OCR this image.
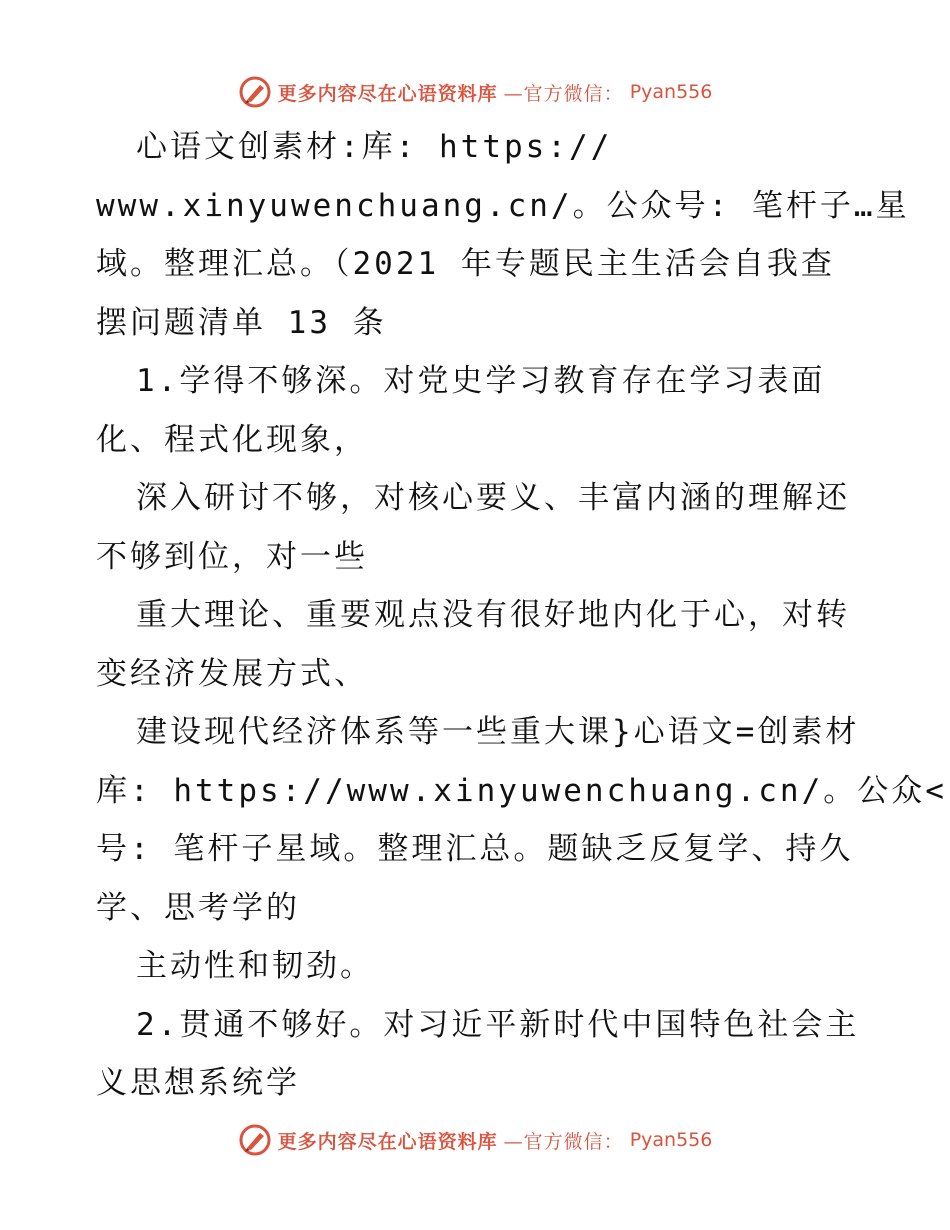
更多内容尽在心语资料库 —官方微信： Pyan556

心语文创素材:库: https://

www.xinyuwenchuang.cn/。公众号: 笔杆子…星

域。整理汇总。（2021 年专题民主生活会自我查

摆问题清单 13 条

1.学得不够深。对党史学习教育存在学习表面

化、程式化现象，

深入研讨不够，对核心要义、丰富内涵的理解还

不够到位，对一些

重大理论、重要观点没有很好地内化于心，对转

变经济发展方式、

建设现代经济体系等一些重大课}心语文=创素材

库: https://www.xinyuwenchuang.cn/。公众<

号: 笔杆子星域。整理汇总。题缺乏反复学、持久

学、思考学的

主动性和韧劲。

2.贯通不够好。对习近平新时代中国特色社会主

义思想系统学

更多内容尽在心语资料库 —官方微信： Pyan556
